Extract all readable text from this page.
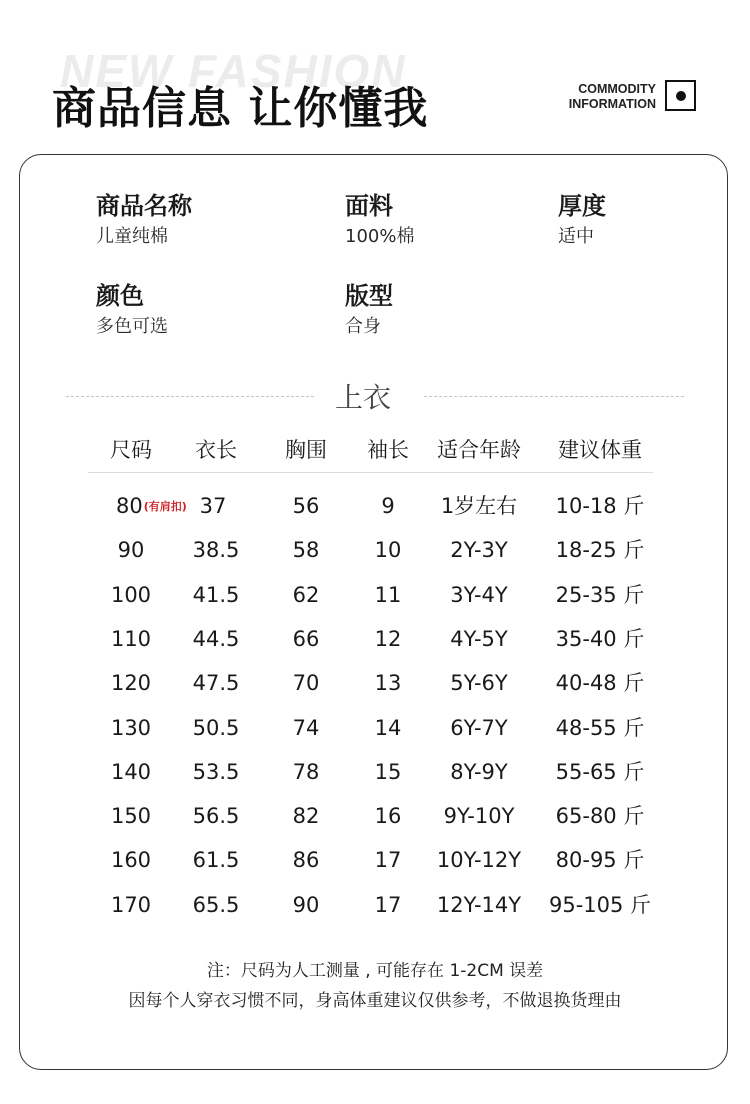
NEW FASHION
商品信息 让你懂我	COMMODITY
INFORMATION
商品名称
儿童纯棉
面料
100%棉
厚度
适中
颜色
多色可选
版型
合身
上衣
尺码 衣长 胸围 袖长 适合年龄 建议体重
80(有肩扣) 37	56	9 1岁左右 10-18 斤
90 38.5	58	10 2Y-3Y 18-25 斤
100 41.5	62	11 3Y-4Y 25-35 斤
110 44.5	66	12 4Y-5Y 35-40 斤
120 47.5	70	13 5Y-6Y 40-48 斤
130 50.5	74	14 6Y-7Y 48-55 斤
140 53.5	78	15 8Y-9Y 55-65 斤
150 56.5	82	16 9Y-10Y 65-80 斤
160 61.5	86	17 10Y-12Y 80-95 斤
170 65.5	90	17 12Y-14Y 95-105 斤
注：尺码为人工测量 , 可能存在 1-2CM 误差
因每个人穿衣习惯不同，身高体重建议仅供参考，不做退换货理由
